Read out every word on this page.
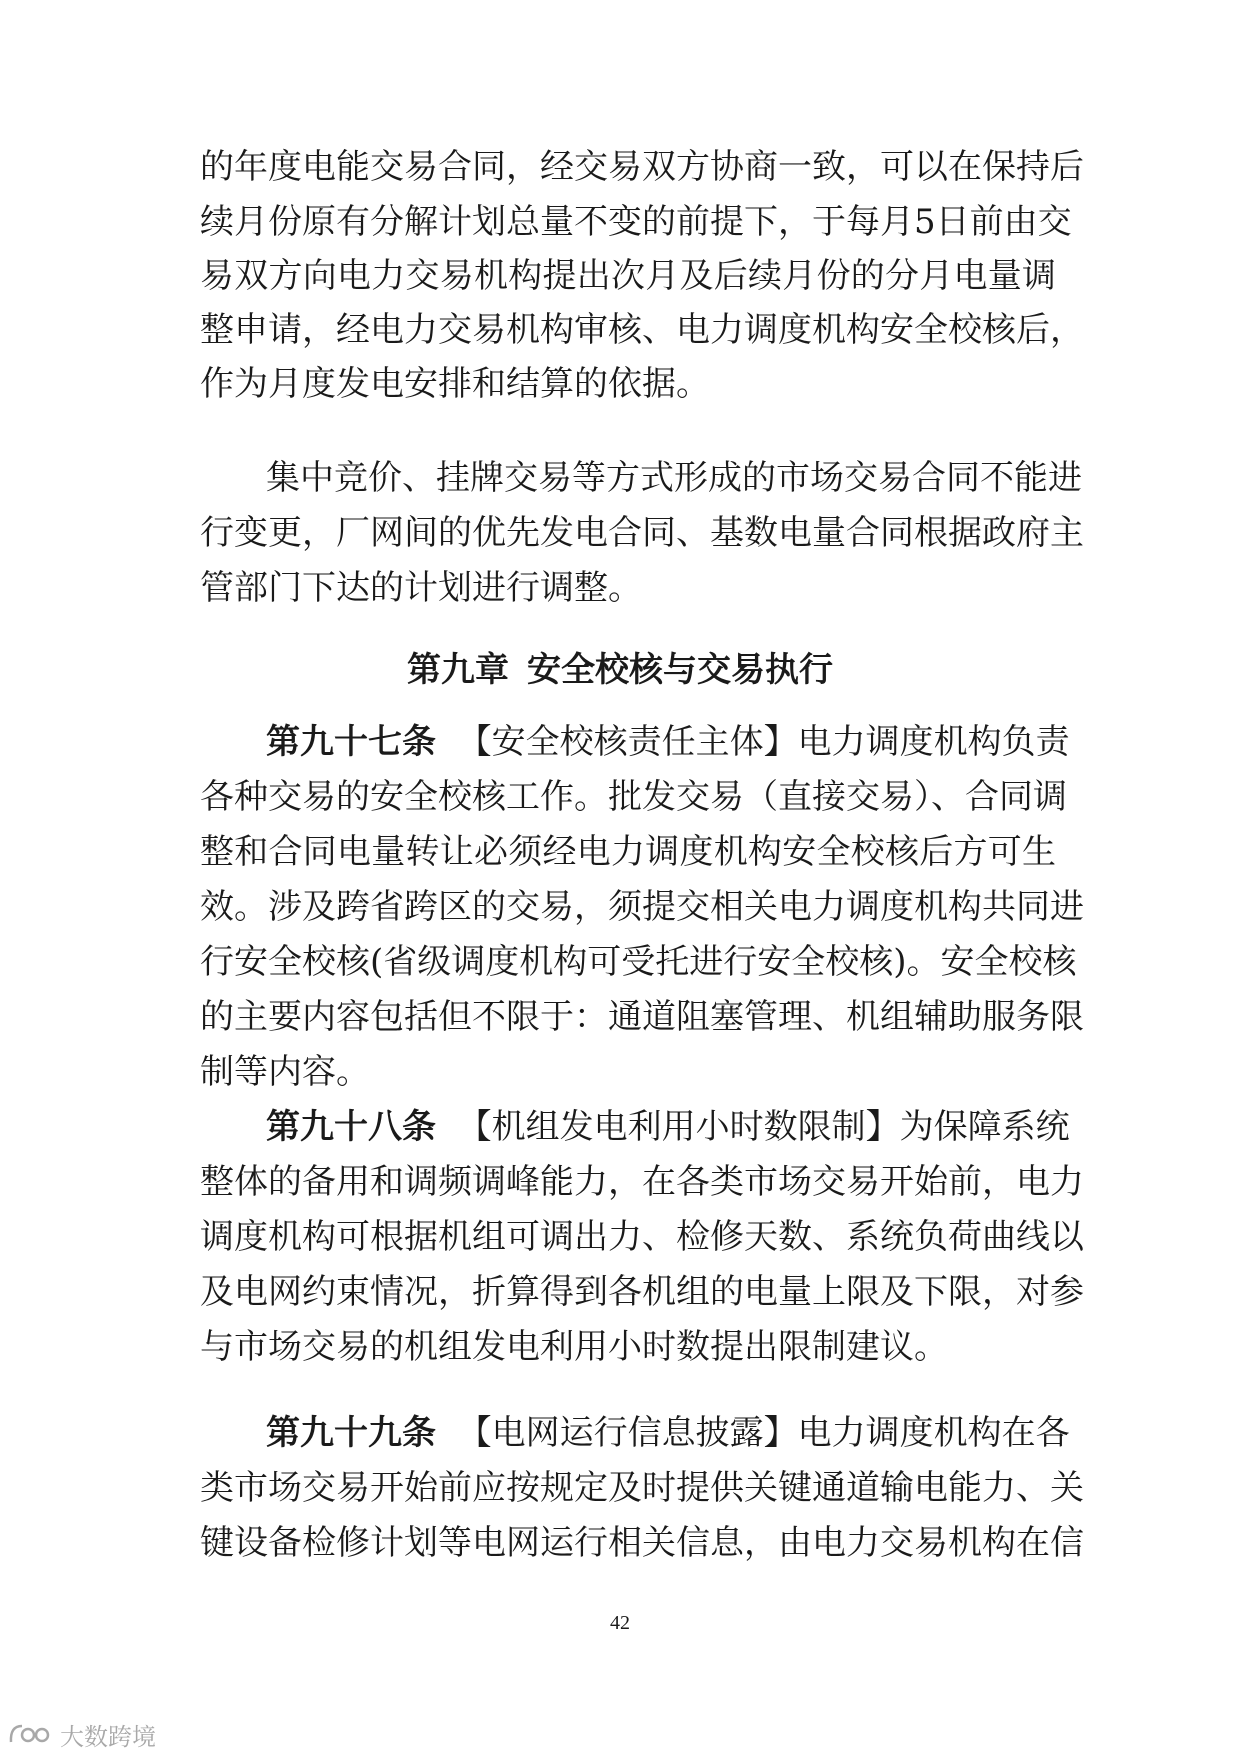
的年度电能交易合同，经交易双方协商一致，可以在保持后
续月份原有分解计划总量不变的前提下，于每月5日前由交
易双方向电力交易机构提出次月及后续月份的分月电量调
整申请，经电力交易机构审核、电力调度机构安全校核后，
作为月度发电安排和结算的依据。
集中竞价、挂牌交易等方式形成的市场交易合同不能进
行变更，厂网间的优先发电合同、基数电量合同根据政府主
管部门下达的计划进行调整。
第九章 安全校核与交易执行
第九十七条 【安全校核责任主体】电力调度机构负责
各种交易的安全校核工作。批发交易（直接交易）、合同调
整和合同电量转让必须经电力调度机构安全校核后方可生
效。涉及跨省跨区的交易，须提交相关电力调度机构共同进
行安全校核(省级调度机构可受托进行安全校核)。安全校核
的主要内容包括但不限于：通道阻塞管理、机组辅助服务限
制等内容。
第九十八条 【机组发电利用小时数限制】为保障系统
整体的备用和调频调峰能力，在各类市场交易开始前，电力
调度机构可根据机组可调出力、检修天数、系统负荷曲线以
及电网约束情况，折算得到各机组的电量上限及下限，对参
与市场交易的机组发电利用小时数提出限制建议。
第九十九条 【电网运行信息披露】电力调度机构在各
类市场交易开始前应按规定及时提供关键通道输电能力、关
键设备检修计划等电网运行相关信息，由电力交易机构在信
42
大数跨境
